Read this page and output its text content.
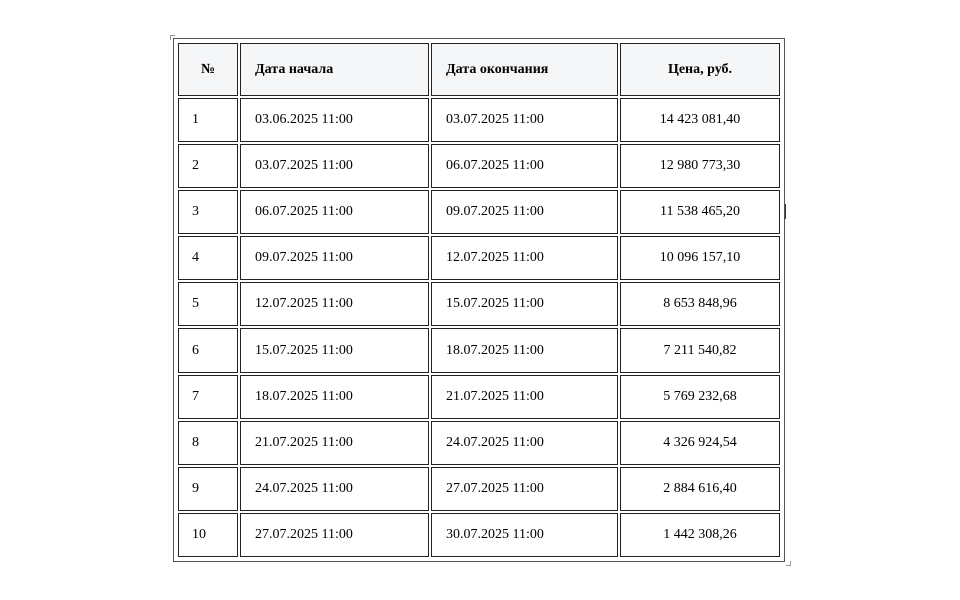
№	Дата начала	Дата окончания	Цена, руб.
1	03.06.2025 11:00	03.07.2025 11:00	14 423 081,40
2	03.07.2025 11:00	06.07.2025 11:00	12 980 773,30
3	06.07.2025 11:00	09.07.2025 11:00	11 538 465,20
4	09.07.2025 11:00	12.07.2025 11:00	10 096 157,10
5	12.07.2025 11:00	15.07.2025 11:00	8 653 848,96
6	15.07.2025 11:00	18.07.2025 11:00	7 211 540,82
7	18.07.2025 11:00	21.07.2025 11:00	5 769 232,68
8	21.07.2025 11:00	24.07.2025 11:00	4 326 924,54
9	24.07.2025 11:00	27.07.2025 11:00	2 884 616,40
10	27.07.2025 11:00	30.07.2025 11:00	1 442 308,26
